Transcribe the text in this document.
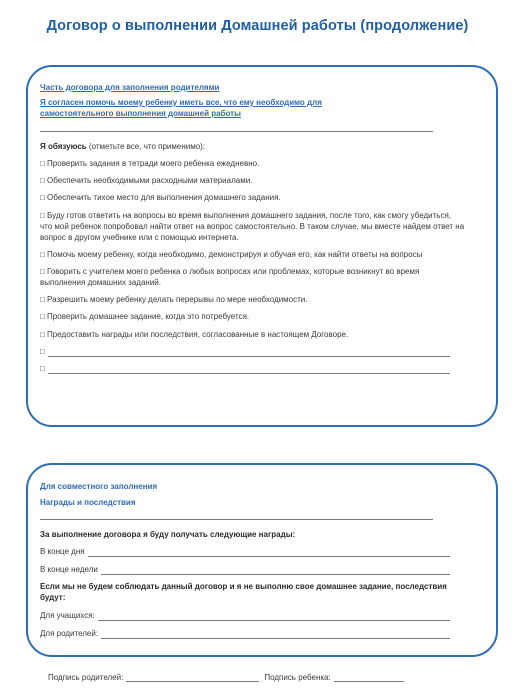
Договор о выполнении Домашней работы (продолжение)
Часть договора для заполнения родителями
Я согласен помочь моему ребенку иметь все, что ему необходимо для самостоятельного выполнения домашней работы
Я обязуюсь (отметьте все, что применимо):
□ Проверить задания в тетради моего ребенка ежедневно.
□ Обеспечить необходимыми расходными материалами.
□ Обеспечить тихое место для выполнения домашнего задания.
□ Буду готов ответить на вопросы во время выполнения домашнего задания, после того, как смогу убедиться, что мой ребенок попробовал найти ответ на вопрос самостоятельно. В таком случае, мы вместе найдем ответ на вопрос в другом учебнике или с помощью интернета.
□ Помочь моему ребенку, когда необходимо, демонстрируя и обучая его, как найти ответы на вопросы
□ Говорить с учителем моего ребенка о любых вопросах или проблемах, которые возникнут во время выполнения домашних заданий.
□ Разрешить моему ребенку делать перерывы по мере необходимости.
□ Проверить домашнее задание, когда это потребуется.
□ Предоставить награды или последствия, согласованные в настоящем Договоре.
□
□
Для совместного заполнения
Награды и последствия
За выполнение договора я буду получать следующие награды:
В конце дня
В конце недели
Если мы не будем соблюдать данный договор и я не выполню свое домашнее задание, последствия будут:
Для учащихся:
Для родителей:
Подпись родителей:	Подпись ребенка:
